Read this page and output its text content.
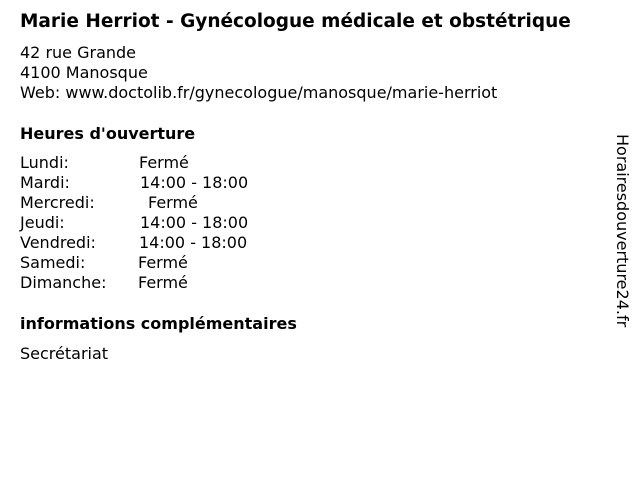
Marie Herriot - Gynécologue médicale et obstétrique
42 rue Grande
4100 Manosque
Web: www.doctolib.fr/gynecologue/manosque/marie-herriot
Heures d'ouverture
Lundi:	Fermé
Mardi:	14:00 - 18:00
Mercredi:	Fermé
Jeudi:	14:00 - 18:00
Vendredi:	14:00 - 18:00
Samedi:	Fermé
Dimanche: Fermé
informations complémentaires
Secrétariat
Horairesdouverture24.fr
